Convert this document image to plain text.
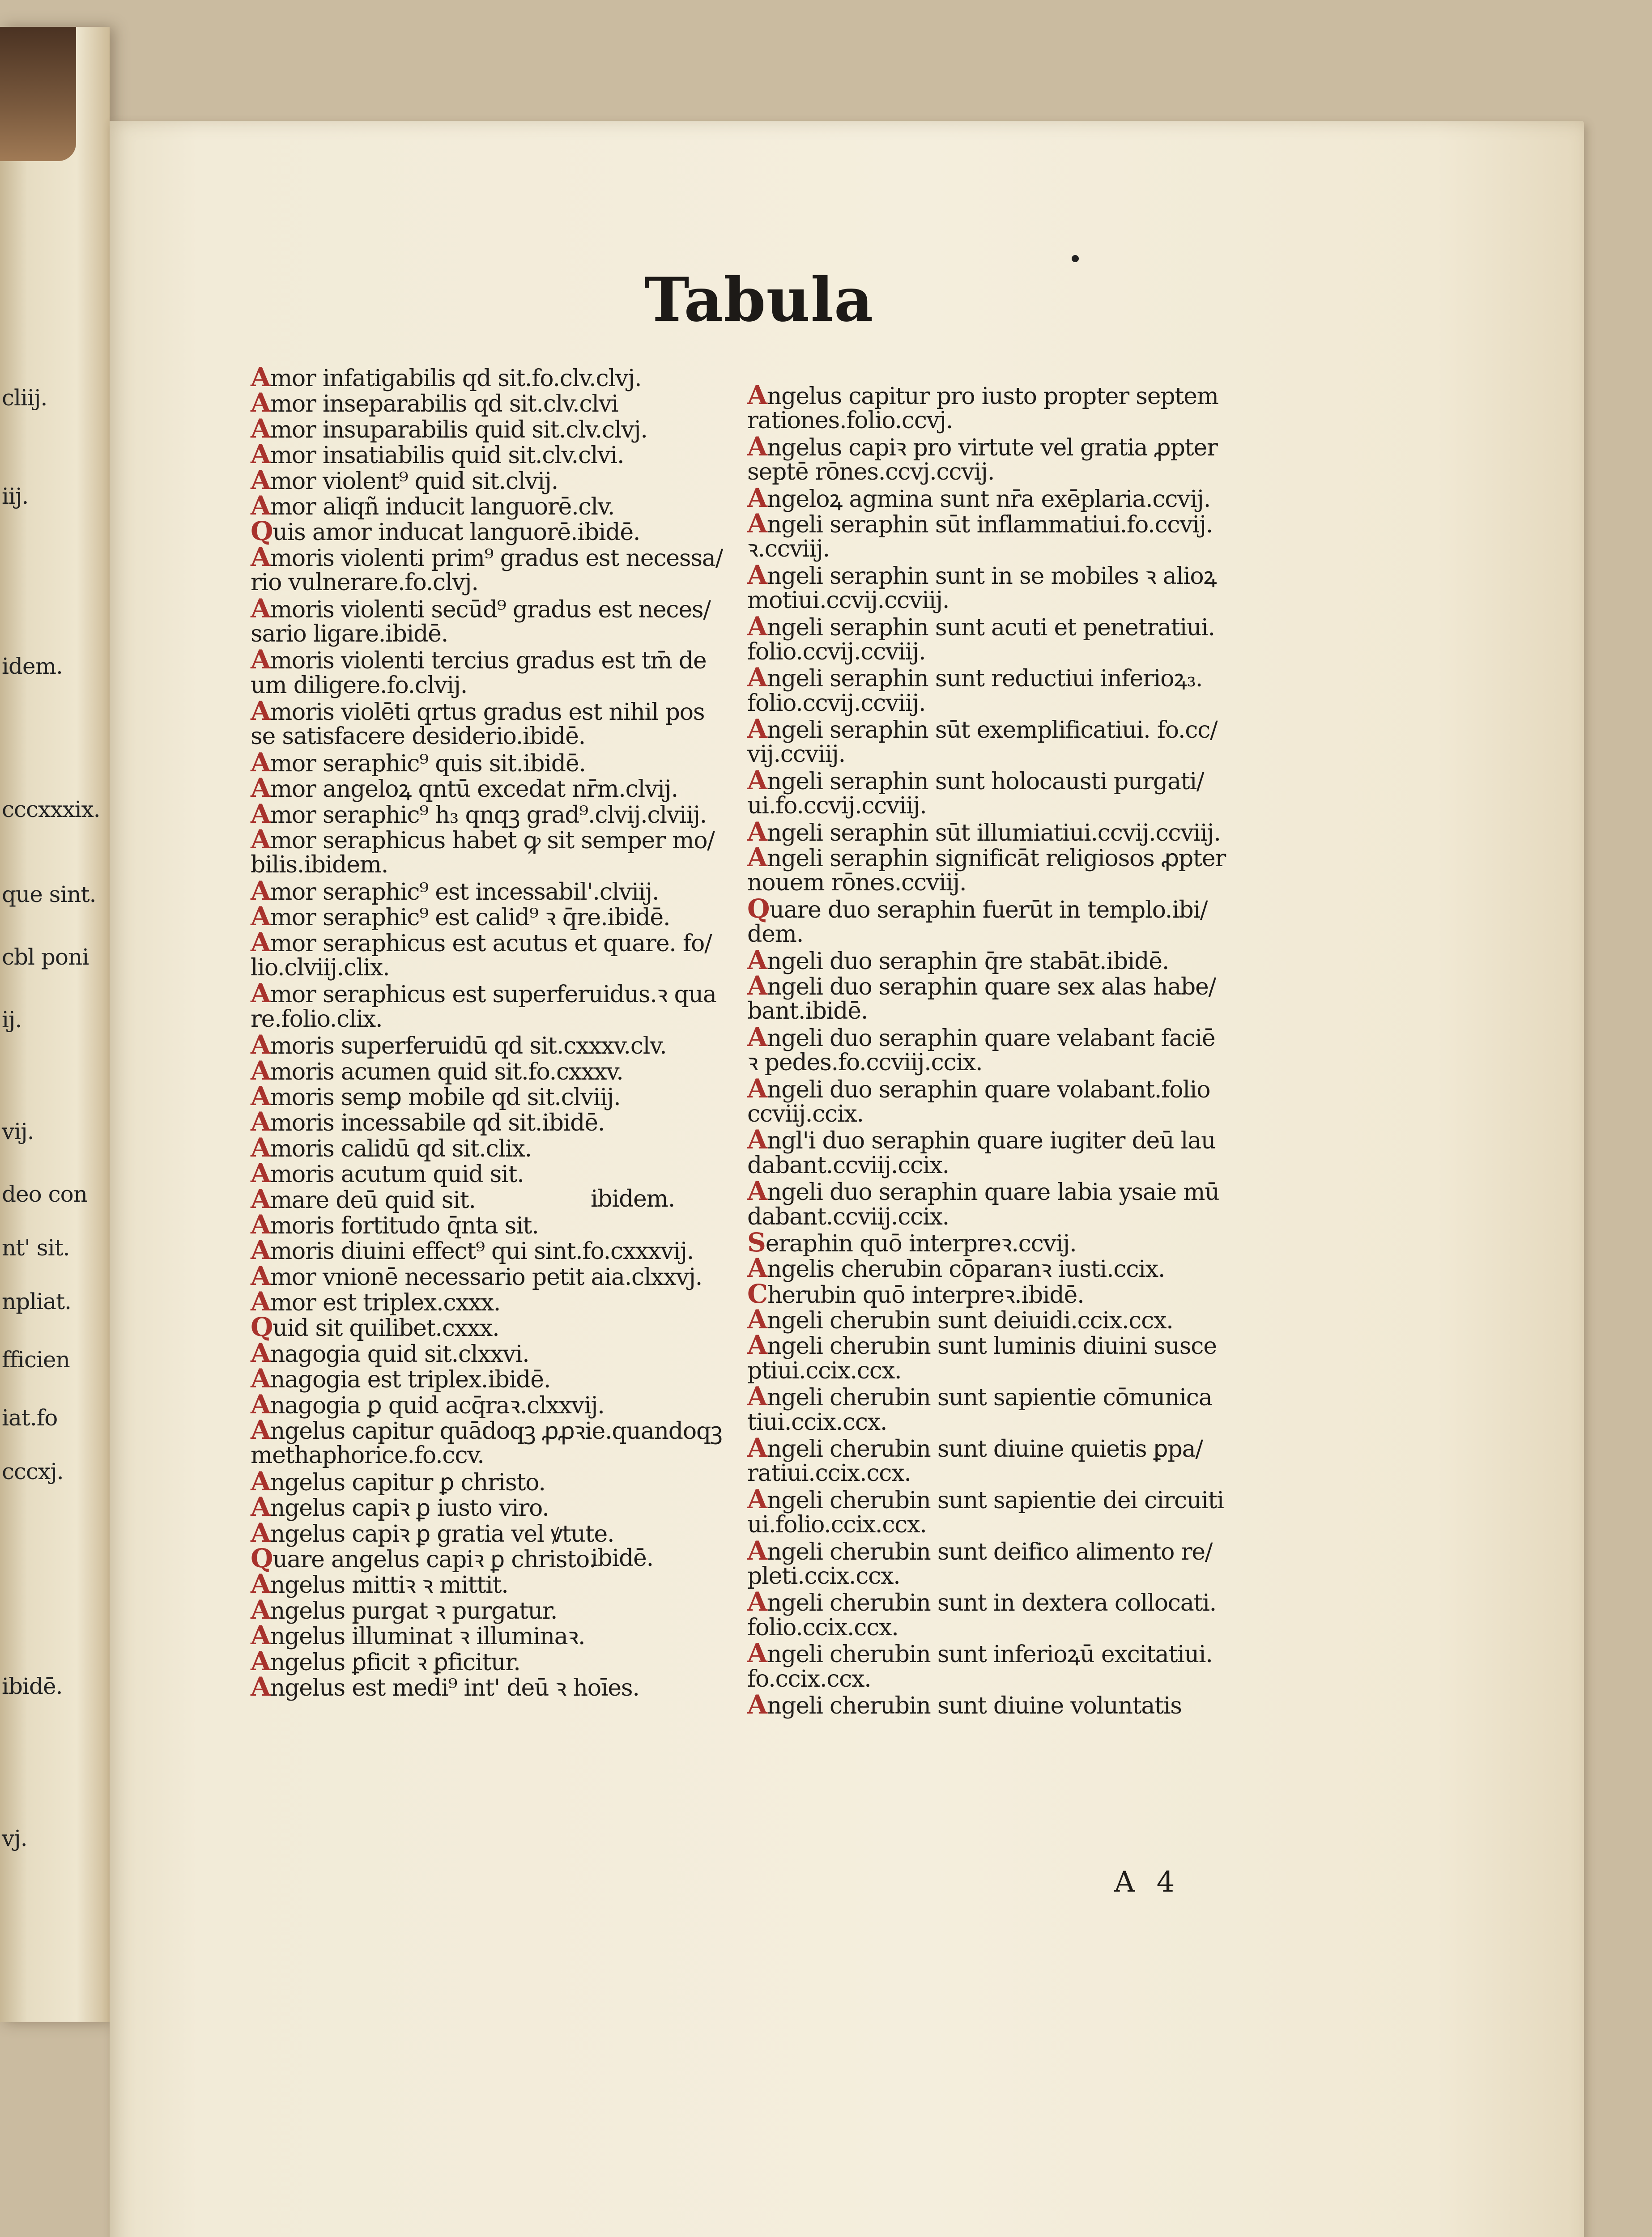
cliij.
iij.
idem.
cccxxxix.
que sint.
cbl poni
ij.
vij.
deo con
nt' sit.
npliat.
fficien
iat.fo
cccxj.
ibidē.
vj.
Tabula
Amor infatigabilis qd sit.fo.clv.clvj.
Amor inseparabilis qd sit.clv.clvi
Amor insuparabilis quid sit.clv.clvj.
Amor insatiabilis quid sit.clv.clvi.
Amor violent⁹ quid sit.clvij.
Amor aliqñ inducit languorē.clv.
Quis amor inducat languorē.ibidē.
Amoris violenti prim⁹ gradus est necessa/
rio vulnerare.fo.clvj.
Amoris violenti secūd⁹ gradus est neces/
sario ligare.ibidē.
Amoris violenti tercius gradus est tm̄ de
um diligere.fo.clvij.
Amoris violēti qrtus gradus est nihil pos
se satisfacere desiderio.ibidē.
Amor seraphic⁹ quis sit.ibidē.
Amor angeloꝝ qntū excedat nr̄m.clvij.
Amor seraphic⁹ h₃ qnqꝫ grad⁹.clvij.clviij.
Amor seraphicus habet ꝙ sit semper mo/
bilis.ibidem.
Amor seraphic⁹ est incessabil'.clviij.
Amor seraphic⁹ est calid⁹ ꝛ q̄re.ibidē.
Amor seraphicus est acutus et quare. fo/
lio.clviij.clix.
Amor seraphicus est superferuidus.ꝛ qua
re.folio.clix.
Amoris superferuidū qd sit.cxxxv.clv.
Amoris acumen quid sit.fo.cxxxv.
Amoris semꝑ mobile qd sit.clviij.
Amoris incessabile qd sit.ibidē.
Amoris calidū qd sit.clix.
Amoris acutum quid sit.
Amare deū quid sit.	ibidem.
Amoris fortitudo q̄nta sit.
Amoris diuini effect⁹ qui sint.fo.cxxxvij.
Amor vnionē necessario petit aia.clxxvj.
Amor est triplex.cxxx.
Quid sit quilibet.cxxx.
Anagogia quid sit.clxxvi.
Anagogia est triplex.ibidē.
Anagogia ꝑ quid acq̄raꝛ.clxxvij.
Angelus capitur quādoqꝫ ꝓꝓꝛie.quandoqꝫ
methaphorice.fo.ccv.
Angelus capitur ꝑ christo.
Angelus capiꝛ ꝑ iusto viro.
Angelus capiꝛ ꝑ gratia vel ꝟtute.
Quare angelus capiꝛ ꝑ christo.
ibidē.
Angelus mittiꝛ ꝛ mittit.
Angelus purgat ꝛ purgatur.
Angelus illuminat ꝛ illuminaꝛ.
Angelus ꝑficit ꝛ ꝑficitur.
Angelus est medi⁹ int' deū ꝛ hoīes.
Angelus capitur pro iusto propter septem
rationes.folio.ccvj.
Angelus capiꝛ pro virtute vel gratia ꝓpter
septē rōnes.ccvj.ccvij.
Angeloꝝ agmina sunt nr̄a exēplaria.ccvij.
Angeli seraphin sūt inflammatiui.fo.ccvij.
ꝛ.ccviij.
Angeli seraphin sunt in se mobiles ꝛ alioꝝ
motiui.ccvij.ccviij.
Angeli seraphin sunt acuti et penetratiui.
folio.ccvij.ccviij.
Angeli seraphin sunt reductiui inferioꝝ₃.
folio.ccvij.ccviij.
Angeli seraphin sūt exemplificatiui. fo.cc/
vij.ccviij.
Angeli seraphin sunt holocausti purgati/
ui.fo.ccvij.ccviij.
Angeli seraphin sūt illumiatiui.ccvij.ccviij.
Angeli seraphin significāt religiosos ꝓpter
nouem rōnes.ccviij.
Quare duo seraphin fuerūt in templo.ibi/
dem.
Angeli duo seraphin q̄re stabāt.ibidē.
Angeli duo seraphin quare sex alas habe/
bant.ibidē.
Angeli duo seraphin quare velabant faciē
ꝛ pedes.fo.ccviij.ccix.
Angeli duo seraphin quare volabant.folio
ccviij.ccix.
Angl'i duo seraphin quare iugiter deū lau
dabant.ccviij.ccix.
Angeli duo seraphin quare labia ysaie mū
dabant.ccviij.ccix.
Seraphin quō interpreꝛ.ccvij.
Angelis cherubin cōparanꝛ iusti.ccix.
Cherubin quō interpreꝛ.ibidē.
Angeli cherubin sunt deiuidi.ccix.ccx.
Angeli cherubin sunt luminis diuini susce
ptiui.ccix.ccx.
Angeli cherubin sunt sapientie cōmunica
tiui.ccix.ccx.
Angeli cherubin sunt diuine quietis ꝑpa/
ratiui.ccix.ccx.
Angeli cherubin sunt sapientie dei circuiti
ui.folio.ccix.ccx.
Angeli cherubin sunt deifico alimento re/
pleti.ccix.ccx.
Angeli cherubin sunt in dextera collocati.
folio.ccix.ccx.
Angeli cherubin sunt inferioꝝū excitatiui.
fo.ccix.ccx.
Angeli cherubin sunt diuine voluntatis
A 4
